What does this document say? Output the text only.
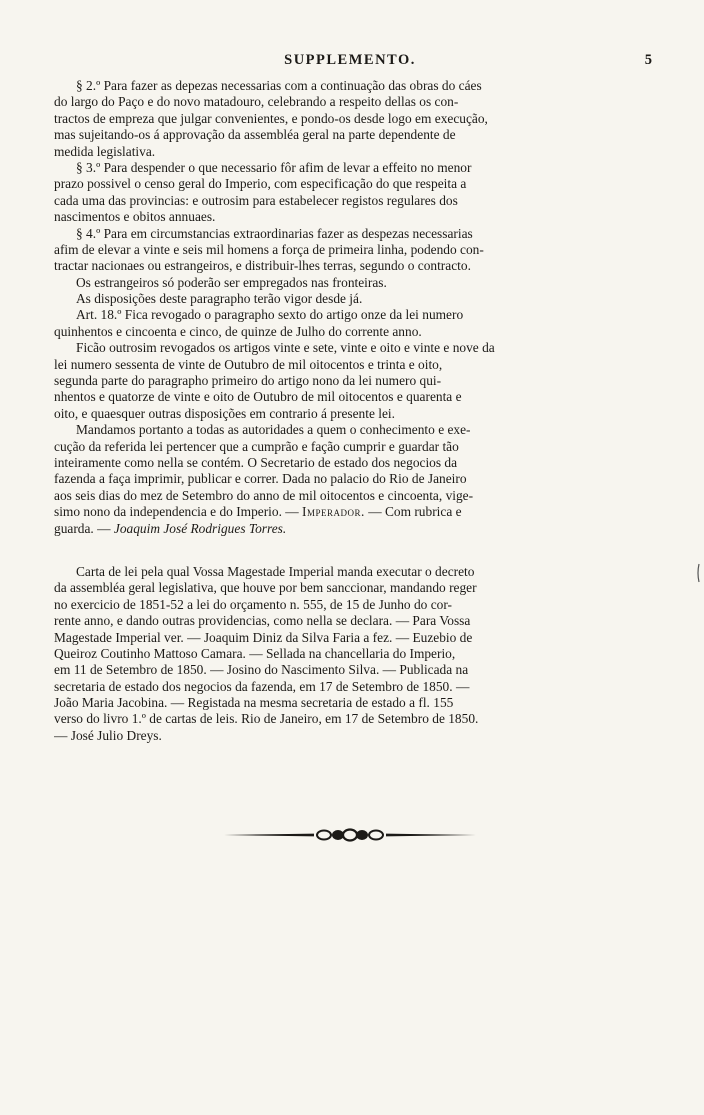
SUPPLEMENTO.	5
§ 2.º Para fazer as depezas necessarias com a continuação das obras do cáes
do largo do Paço e do novo matadouro, celebrando a respeito dellas os con-
tractos de empreza que julgar convenientes, e pondo-os desde logo em execução,
mas sujeitando-os á approvação da assembléa geral na parte dependente de
medida legislativa.
§ 3.º Para despender o que necessario fôr afim de levar a effeito no menor
prazo possivel o censo geral do Imperio, com especificação do que respeita a
cada uma das provincias: e outrosim para estabelecer registos regulares dos
nascimentos e obitos annuaes.
§ 4.º Para em circumstancias extraordinarias fazer as despezas necessarias
afim de elevar a vinte e seis mil homens a força de primeira linha, podendo con-
tractar nacionaes ou estrangeiros, e distribuir-lhes terras, segundo o contracto.
Os estrangeiros só poderão ser empregados nas fronteiras.
As disposições deste paragrapho terão vigor desde já.
Art. 18.º Fica revogado o paragrapho sexto do artigo onze da lei numero
quinhentos e cincoenta e cinco, de quinze de Julho do corrente anno.
Ficão outrosim revogados os artigos vinte e sete, vinte e oito e vinte e nove da
lei numero sessenta de vinte de Outubro de mil oitocentos e trinta e oito,
segunda parte do paragrapho primeiro do artigo nono da lei numero qui-
nhentos e quatorze de vinte e oito de Outubro de mil oitocentos e quarenta e
oito, e quaesquer outras disposições em contrario á presente lei.
Mandamos portanto a todas as autoridades a quem o conhecimento e exe-
cução da referida lei pertencer que a cumprão e fação cumprir e guardar tão
inteiramente como nella se contém. O Secretario de estado dos negocios da
fazenda a faça imprimir, publicar e correr. Dada no palacio do Rio de Janeiro
aos seis dias do mez de Setembro do anno de mil oitocentos e cincoenta, vige-
simo nono da independencia e do Imperio. — Imperador. — Com rubrica e
guarda. — Joaquim José Rodrigues Torres.
Carta de lei pela qual Vossa Magestade Imperial manda executar o decreto
da assembléa geral legislativa, que houve por bem sanccionar, mandando reger
no exercicio de 1851-52 a lei do orçamento n. 555, de 15 de Junho do cor-
rente anno, e dando outras providencias, como nella se declara. — Para Vossa
Magestade Imperial ver. — Joaquim Diniz da Silva Faria a fez. — Euzebio de
Queiroz Coutinho Mattoso Camara. — Sellada na chancellaria do Imperio,
em 11 de Setembro de 1850. — Josino do Nascimento Silva. — Publicada na
secretaria de estado dos negocios da fazenda, em 17 de Setembro de 1850. —
João Maria Jacobina. — Registada na mesma secretaria de estado a fl. 155
verso do livro 1.º de cartas de leis. Rio de Janeiro, em 17 de Setembro de 1850.
— José Julio Dreys.
